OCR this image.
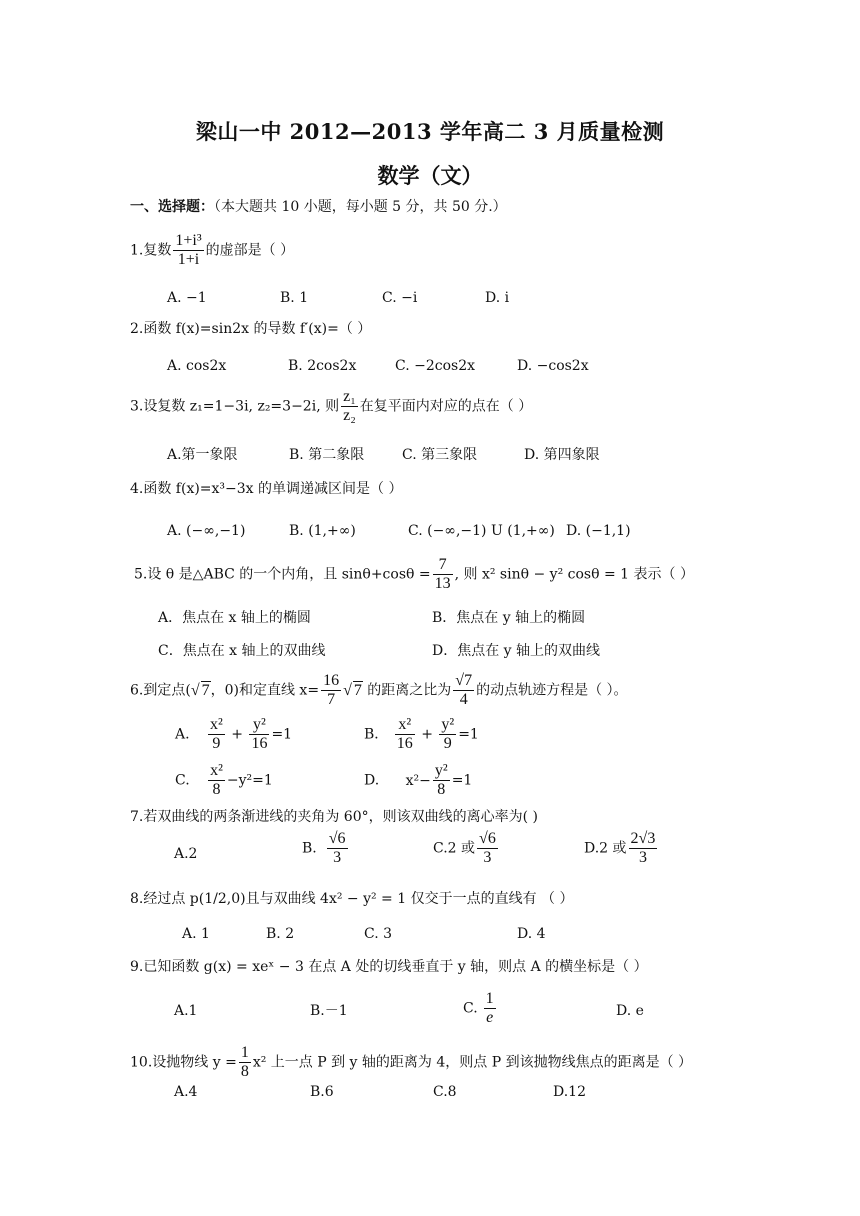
梁山一中 2012—2013 学年高二 3 月质量检测
数学（文）
一、选择题：（本大题共 10 小题，每小题 5 分，共 50 分.）
1.复数 $\frac{\text{1+i³}}{1+i}$ 的虚部是（ ）
A. −1	B. 1	C. −i	D. i
2.函数 f(x)=sin2x 的导数 f′(x)=（ ）
A. cos2x	B. 2cos2x	C. −2cos2x	D. −cos2x
3.设复数 z₁=1−3i, z₂=3−2i, 则 $\frac{\text{z₁}}{\text{z₂}}$ 在复平面内对应的点在（ ）
A.第一象限	B. 第二象限	C. 第三象限	D. 第四象限
4.函数 f(x)=x³−3x 的单调递减区间是（ ）
A. (−∞,−1)	B. (1,+∞)	C. (−∞,−1) U (1,+∞) D. (−1,1)
5.设 θ 是△ABC 的一个内角，且 $\sin\theta+\cos\theta = \frac{7}{13}$ , 则 x² sinθ − y² cosθ = 1 表示（ ）
A．焦点在 x 轴上的椭圆	B．焦点在 y 轴上的椭圆
C．焦点在 x 轴上的双曲线	D．焦点在 y 轴上的双曲线
6.到定点(√ 7，0)和定直线 $x= \frac{16}{7}$ √ 7 的距离之比为 $\frac{√7}{4}$ 的动点轨迹方程是（ ）。
A. $\frac{\text{x²}}{9} + \frac{\text{y²}}{16} =1$	B． $\frac{\text{x²}}{16} + \frac{\text{y²}}{9} =1$
C. $\frac{\text{x²}}{8} -y^2=1$	D. $x^2- \frac{\text{y²}}{8} =1$
7.若双曲线的两条渐进线的夹角为 60°，则该双曲线的离心率为( )
A.2	B. $\frac{√6}{3}$	C.2 或 $\frac{√6}{3}$	D.2 或 $\frac{2√3}{3}$
8.经过点 p(1/2,0)且与双曲线 4x² − y² = 1 仅交于一点的直线有 （ ）
A. 1	B. 2	C. 3	D. 4
9.已知函数 g(x) = xeˣ − 3 在点 A 处的切线垂直于 y 轴，则点 A 的横坐标是（ ）
A.1	B.－1	C. $\frac{1}{e}$	D. e
10.设抛物线 $y = \frac{1}{8} x^2$ 上一点 P 到 y 轴的距离为 4，则点 P 到该抛物线焦点的距离是（ ）
A.4	B.6	C.8	D.12
